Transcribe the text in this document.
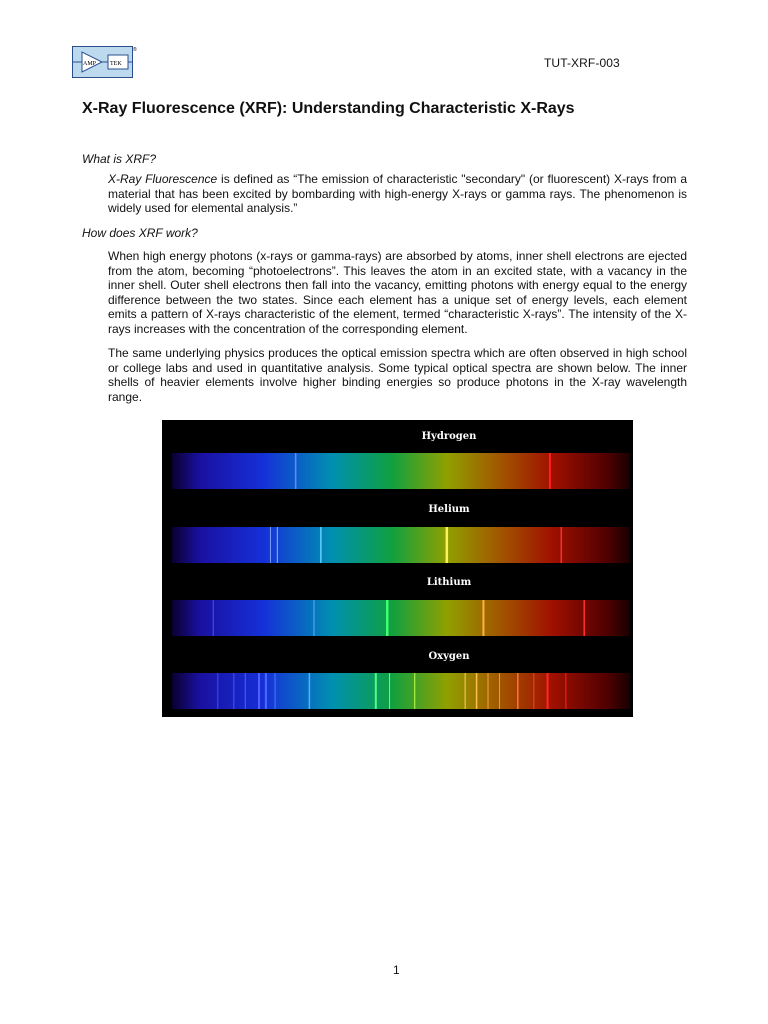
AMP TEK
®
TUT-XRF-003
X-Ray Fluorescence (XRF): Understanding Characteristic X-Rays

What is XRF?

X-Ray Fluorescence is defined as “The emission of characteristic "secondary" (or fluorescent) X-rays from a material that has been excited by bombarding with high-energy X-rays or gamma rays. The phenomenon is widely used for elemental analysis.”

How does XRF work?

When high energy photons (x-rays or gamma-rays) are absorbed by atoms, inner shell electrons are ejected from the atom, becoming “photoelectrons”. This leaves the atom in an excited state, with a vacancy in the inner shell. Outer shell electrons then fall into the vacancy, emitting photons with energy equal to the energy difference between the two states. Since each element has a unique set of energy levels, each element emits a pattern of X-rays characteristic of the element, termed “characteristic X-rays”. The intensity of the X-rays increases with the concentration of the corresponding element.

The same underlying physics produces the optical emission spectra which are often observed in high school or college labs and used in quantitative analysis. Some typical optical spectra are shown below. The inner shells of heavier elements involve higher binding energies so produce photons in the X-ray wavelength range.

Hydrogen
Helium
Lithium
Oxygen
1
